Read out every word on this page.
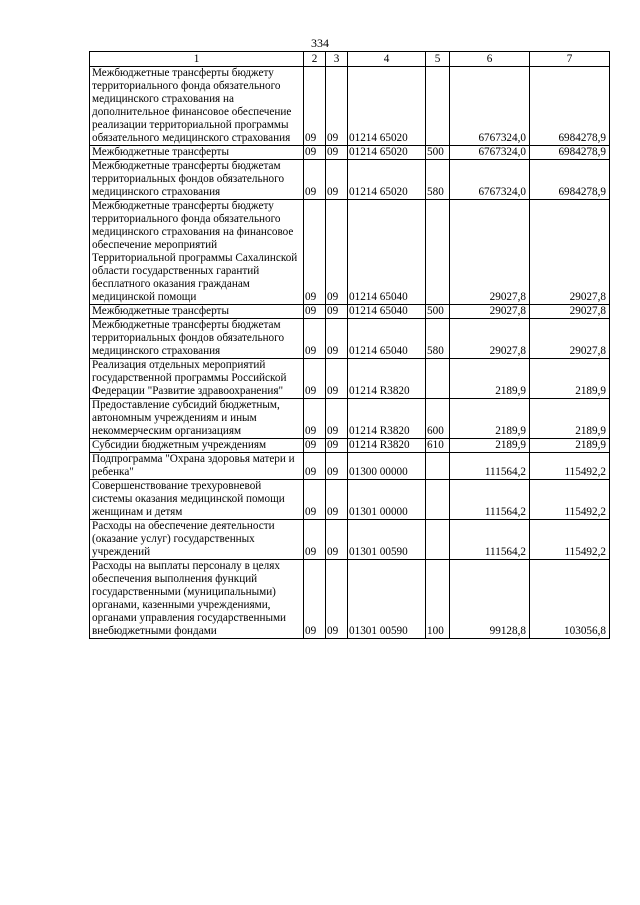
334
1	2	3	4	5	6	7
Межбюджетные трансферты бюджету территориального фонда обязательного медицинского страхования на дополнительное финансовое обеспечение реализации территориальной программы обязательного медицинского страхования	09	09	01214 65020		6767324,0	6984278,9
Межбюджетные трансферты	09	09	01214 65020	500	6767324,0	6984278,9
Межбюджетные трансферты бюджетам территориальных фондов обязательного медицинского страхования	09	09	01214 65020	580	6767324,0	6984278,9
Межбюджетные трансферты бюджету территориального фонда обязательного медицинского страхования на финансовое обеспечение мероприятий Территориальной программы Сахалинской области государственных гарантий бесплатного оказания гражданам медицинской помощи	09	09	01214 65040		29027,8	29027,8
Межбюджетные трансферты	09	09	01214 65040	500	29027,8	29027,8
Межбюджетные трансферты бюджетам территориальных фондов обязательного медицинского страхования	09	09	01214 65040	580	29027,8	29027,8
Реализация отдельных мероприятий государственной программы Российской Федерации "Развитие здравоохранения"	09	09	01214 R3820		2189,9	2189,9
Предоставление субсидий бюджетным, автономным учреждениям и иным некоммерческим организациям	09	09	01214 R3820	600	2189,9	2189,9
Субсидии бюджетным учреждениям	09	09	01214 R3820	610	2189,9	2189,9
Подпрограмма "Охрана здоровья матери и ребенка"	09	09	01300 00000		111564,2	115492,2
Совершенствование трехуровневой системы оказания медицинской помощи женщинам и детям	09	09	01301 00000		111564,2	115492,2
Расходы на обеспечение деятельности (оказание услуг) государственных учреждений	09	09	01301 00590		111564,2	115492,2
Расходы на выплаты персоналу в целях обеспечения выполнения функций государственными (муниципальными) органами, казенными учреждениями, органами управления государственными внебюджетными фондами	09	09	01301 00590	100	99128,8	103056,8
